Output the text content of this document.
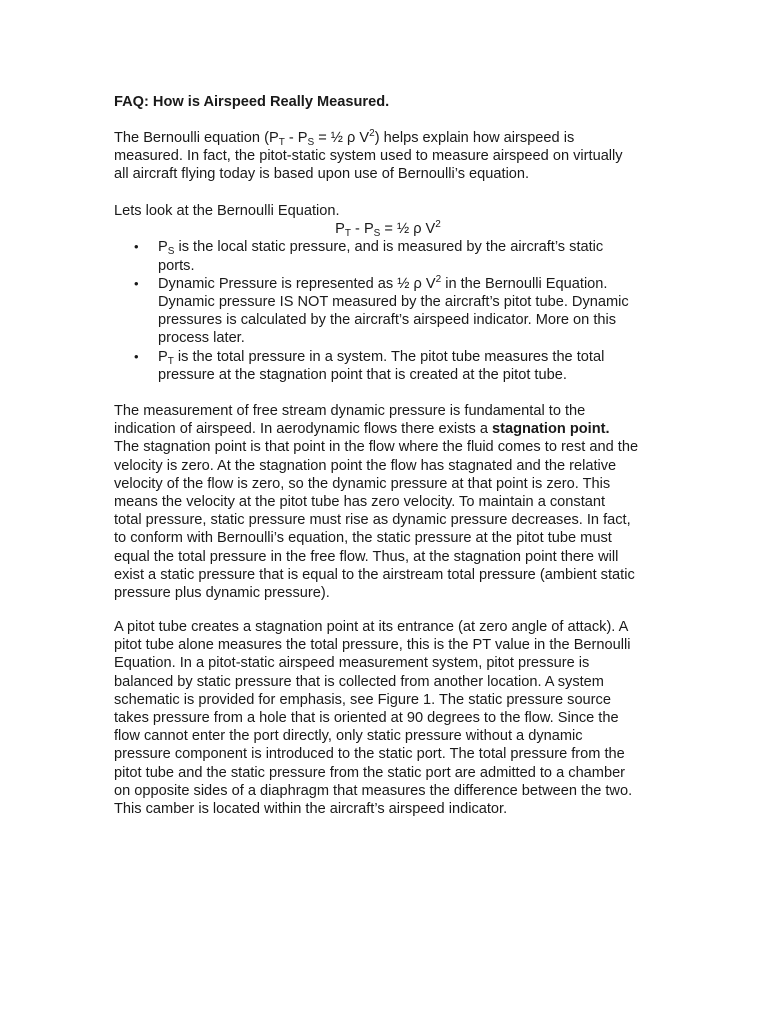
FAQ: How is Airspeed Really Measured.
The Bernoulli equation ($P_T - P_S$ = ½ ρ $V^2$) helps explain how airspeed is
measured. In fact, the pitot-static system used to measure airspeed on virtually
all aircraft flying today is based upon use of Bernoulli’s equation.
Lets look at the Bernoulli Equation.
$P_T - P_S$ = ½ ρ $V^2$
• $P_S$ is the local static pressure, and is measured by the aircraft’s static
ports.
• Dynamic Pressure is represented as ½ ρ $V^2$ in the Bernoulli Equation.
Dynamic pressure IS NOT measured by the aircraft’s pitot tube. Dynamic
pressures is calculated by the aircraft’s airspeed indicator. More on this
process later.
• $P_T$ is the total pressure in a system. The pitot tube measures the total
pressure at the stagnation point that is created at the pitot tube.
The measurement of free stream dynamic pressure is fundamental to the
indication of airspeed. In aerodynamic flows there exists a stagnation point.
The stagnation point is that point in the flow where the fluid comes to rest and the
velocity is zero. At the stagnation point the flow has stagnated and the relative
velocity of the flow is zero, so the dynamic pressure at that point is zero. This
means the velocity at the pitot tube has zero velocity. To maintain a constant
total pressure, static pressure must rise as dynamic pressure decreases. In fact,
to conform with Bernoulli’s equation, the static pressure at the pitot tube must
equal the total pressure in the free flow. Thus, at the stagnation point there will
exist a static pressure that is equal to the airstream total pressure (ambient static
pressure plus dynamic pressure).
A pitot tube creates a stagnation point at its entrance (at zero angle of attack). A
pitot tube alone measures the total pressure, this is the PT value in the Bernoulli
Equation. In a pitot-static airspeed measurement system, pitot pressure is
balanced by static pressure that is collected from another location. A system
schematic is provided for emphasis, see Figure 1. The static pressure source
takes pressure from a hole that is oriented at 90 degrees to the flow. Since the
flow cannot enter the port directly, only static pressure without a dynamic
pressure component is introduced to the static port. The total pressure from the
pitot tube and the static pressure from the static port are admitted to a chamber
on opposite sides of a diaphragm that measures the difference between the two.
This camber is located within the aircraft’s airspeed indicator.
